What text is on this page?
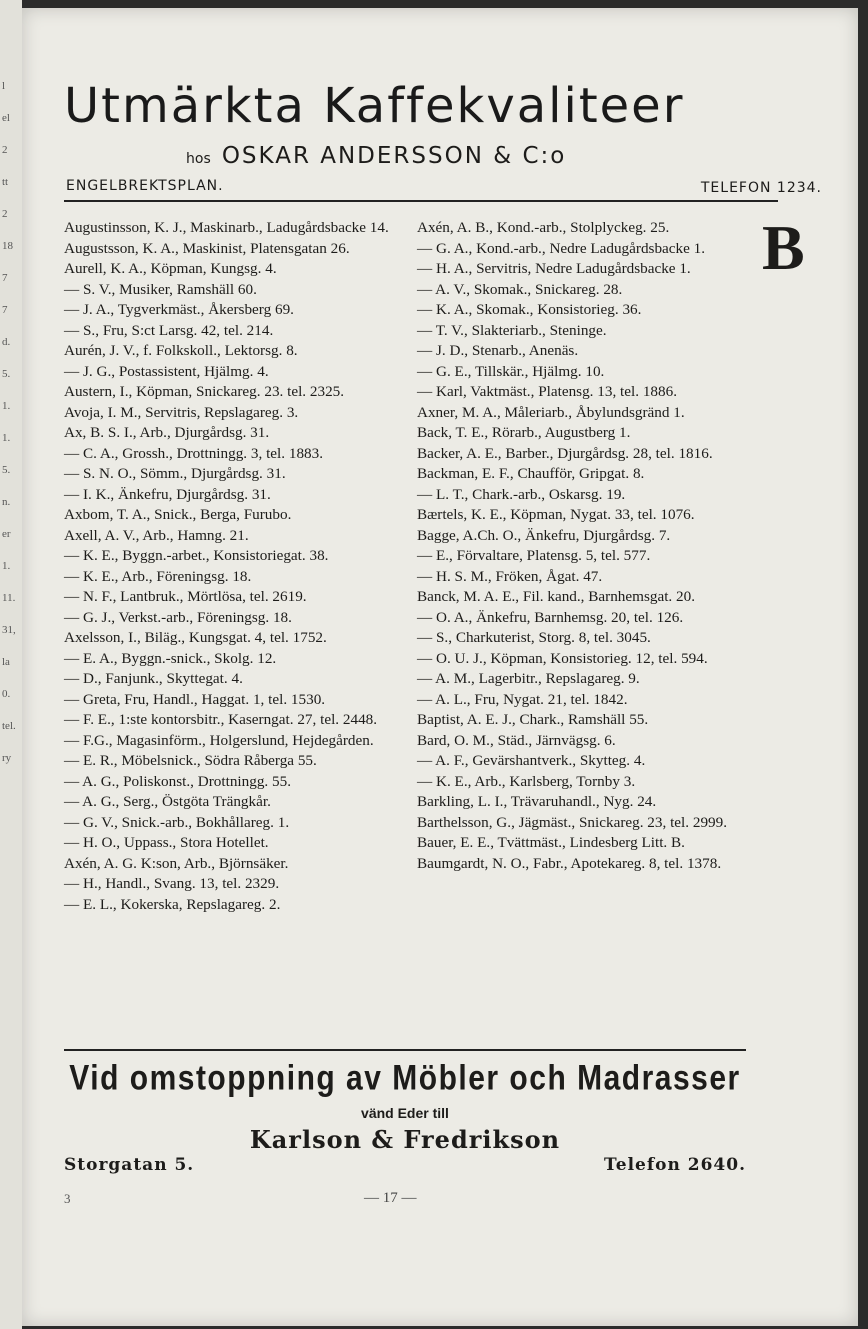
l
el
2
tt
2
18
7
7
d.
5.
1.
1.
5.
n.
er
1.
11.
31,
la
0.
tel.
ry
Utmärkta Kaffekvaliteer
hos OSKAR ANDERSSON & C:o
ENGELBREKTSPLAN.	TELEFON 1234.

Augustinsson, K. J., Maskinarb., Ladugårdsbacke 14.

Augustsson, K. A., Maskinist, Platensgatan 26.

Aurell, K. A., Köpman, Kungsg. 4.

— S. V., Musiker, Ramshäll 60.

— J. A., Tygverkmäst., Åkersberg 69.

— S., Fru, S:ct Larsg. 42, tel. 214.

Aurén, J. V., f. Folkskoll., Lektorsg. 8.

— J. G., Postassistent, Hjälmg. 4.

Austern, I., Köpman, Snickareg. 23. tel. 2325.

Avoja, I. M., Servitris, Repslagareg. 3.

Ax, B. S. I., Arb., Djurgårdsg. 31.

— C. A., Grossh., Drottningg. 3, tel. 1883.

— S. N. O., Sömm., Djurgårdsg. 31.

— I. K., Änkefru, Djurgårdsg. 31.

Axbom, T. A., Snick., Berga, Furubo.

Axell, A. V., Arb., Hamng. 21.

— K. E., Byggn.-arbet., Konsistoriegat. 38.

— K. E., Arb., Föreningsg. 18.

— N. F., Lantbruk., Mörtlösa, tel. 2619.

— G. J., Verkst.-arb., Föreningsg. 18.

Axelsson, I., Biläg., Kungsgat. 4, tel. 1752.

— E. A., Byggn.-snick., Skolg. 12.

— D., Fanjunk., Skyttegat. 4.

— Greta, Fru, Handl., Haggat. 1, tel. 1530.

— F. E., 1:ste kontorsbitr., Kaserngat. 27, tel. 2448.

— F.G., Magasinförm., Holgerslund, Hejdegården.

— E. R., Möbelsnick., Södra Råberga 55.

— A. G., Poliskonst., Drottningg. 55.

— A. G., Serg., Östgöta Trängkår.

— G. V., Snick.-arb., Bokhållareg. 1.

— H. O., Uppass., Stora Hotellet.

Axén, A. G. K:son, Arb., Björnsäker.

— H., Handl., Svang. 13, tel. 2329.

— E. L., Kokerska, Repslagareg. 2.

Axén, A. B., Kond.-arb., Stolplyckeg. 25.

— G. A., Kond.-arb., Nedre Ladugårdsbacke 1.

— H. A., Servitris, Nedre Ladugårdsbacke 1.

— A. V., Skomak., Snickareg. 28.

— K. A., Skomak., Konsistorieg. 36.

— T. V., Slakteriarb., Steninge.

— J. D., Stenarb., Anenäs.

— G. E., Tillskär., Hjälmg. 10.

— Karl, Vaktmäst., Platensg. 13, tel. 1886.

Axner, M. A., Måleriarb., Åbylundsgränd 1.

Back, T. E., Rörarb., Augustberg 1.

Backer, A. E., Barber., Djurgårdsg. 28, tel. 1816.

Backman, E. F., Chaufför, Gripgat. 8.

— L. T., Chark.-arb., Oskarsg. 19.

Bærtels, K. E., Köpman, Nygat. 33, tel. 1076.

Bagge, A.Ch. O., Änkefru, Djurgårdsg. 7.

— E., Förvaltare, Platensg. 5, tel. 577.

— H. S. M., Fröken, Ågat. 47.

Banck, M. A. E., Fil. kand., Barnhemsgat. 20.

— O. A., Änkefru, Barnhemsg. 20, tel. 126.

— S., Charkuterist, Storg. 8, tel. 3045.

— O. U. J., Köpman, Konsistorieg. 12, tel. 594.

— A. M., Lagerbitr., Repslagareg. 9.

— A. L., Fru, Nygat. 21, tel. 1842.

Baptist, A. E. J., Chark., Ramshäll 55.

Bard, O. M., Städ., Järnvägsg. 6.

— A. F., Gevärshantverk., Skytteg. 4.

— K. E., Arb., Karlsberg, Tornby 3.

Barkling, L. I., Trävaruhandl., Nyg. 24.

Barthelsson, G., Jägmäst., Snickareg. 23, tel. 2999.

Bauer, E. E., Tvättmäst., Lindesberg Litt. B.

Baumgardt, N. O., Fabr., Apotekareg. 8, tel. 1378.

B
Vid omstoppning av Möbler och Madrasser
vänd Eder till
Karlson & Fredrikson
Storgatan 5.	Telefon 2640.
3	— 17 —
